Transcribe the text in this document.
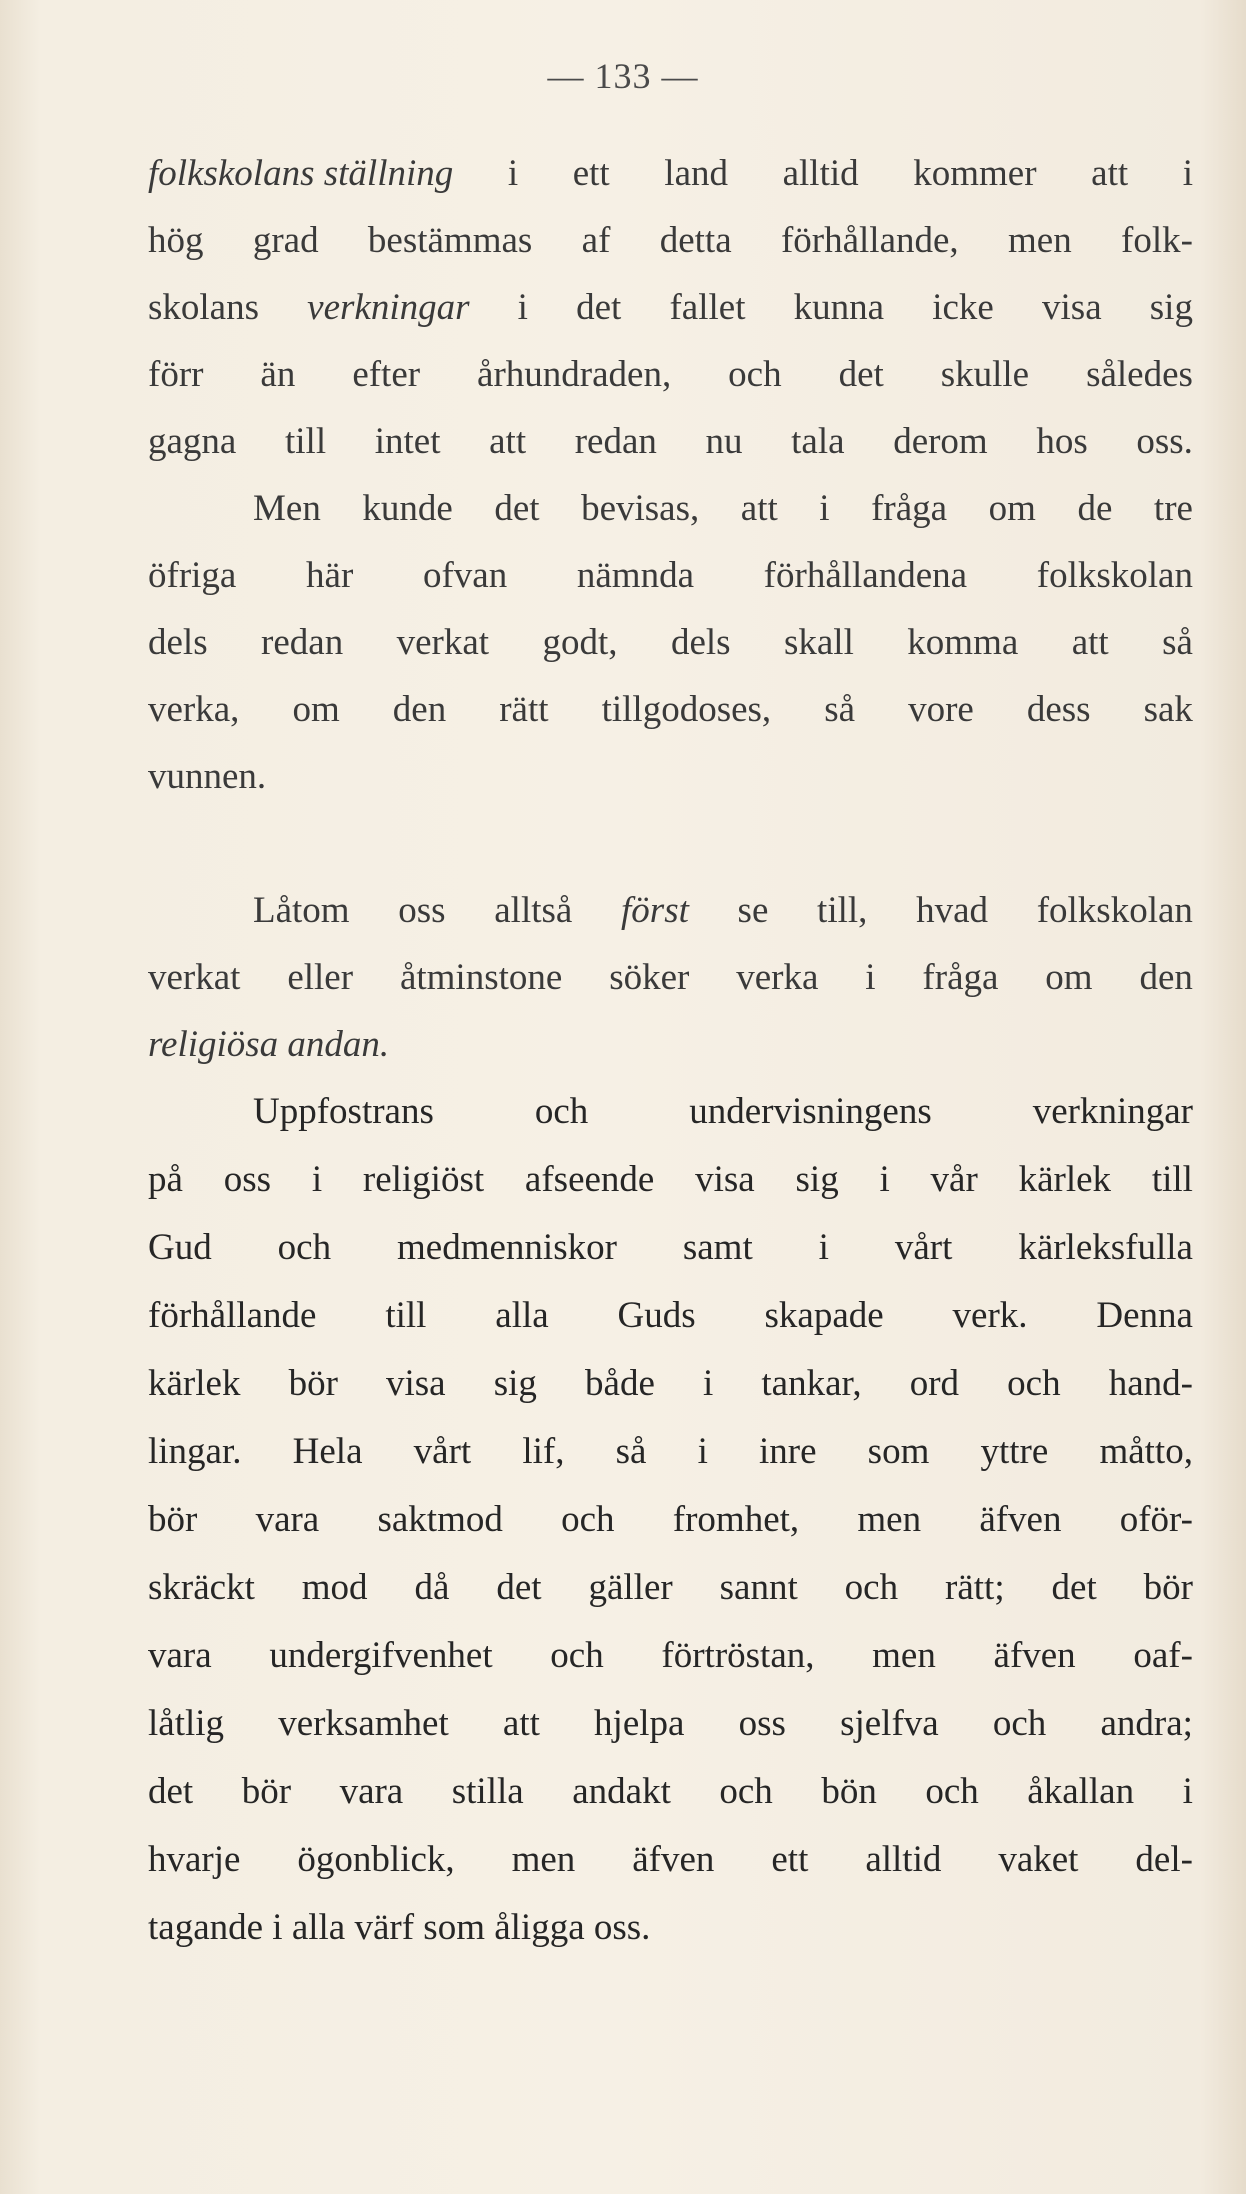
— 133 —
folkskolans ställning i ett land alltid kommer att i
hög grad bestämmas af detta förhållande, men folk-
skolans verkningar i det fallet kunna icke visa sig
förr än efter århundraden, och det skulle således
gagna till intet att redan nu tala derom hos oss.
Men kunde det bevisas, att i fråga om de tre
öfriga här ofvan nämnda förhållandena folkskolan
dels redan verkat godt, dels skall komma att så
verka, om den rätt tillgodoses, så vore dess sak
vunnen.
Låtom oss alltså först se till, hvad folkskolan
verkat eller åtminstone söker verka i fråga om den
religiösa andan.
Uppfostrans	och	undervisningens	verkningar
på oss i religiöst afseende visa sig i vår kärlek till
Gud och medmenniskor samt i vårt kärleksfulla
förhållande till alla Guds skapade verk. Denna
kärlek bör visa sig både i tankar, ord och hand-
lingar. Hela vårt lif, så i inre som yttre måtto,
bör vara saktmod och fromhet, men äfven oför-
skräckt mod då det gäller sannt och rätt; det bör
vara undergifvenhet och förtröstan, men äfven oaf-
låtlig verksamhet att hjelpa oss sjelfva och andra;
det bör vara stilla andakt och bön och åkallan i
hvarje ögonblick, men äfven ett alltid vaket del-
tagande i alla värf som åligga oss.
